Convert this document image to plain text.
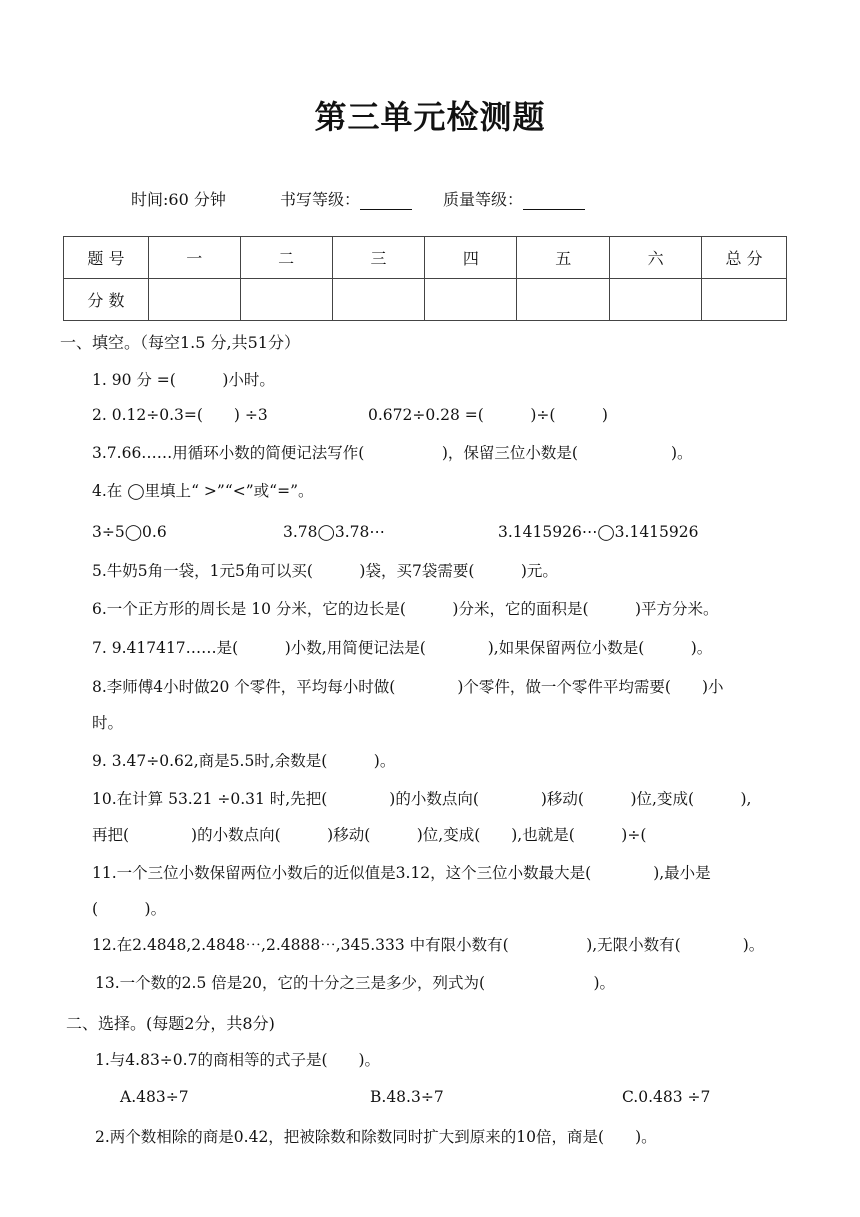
第三单元检测题
时间:60 分钟	书写等级：	质量等级：
题 号	一	二	三	四	五	六	总 分
分 数							
一、填空。（每空1.5 分,共51分）
1. 90 分 =(　　　)小时。
2. 0.12÷0.3=(　　) ÷3	0.672÷0.28 =(　　　)÷(　　　)
3.7.66……用循环小数的简便记法写作(　　　　　)，保留三位小数是(　　　　　　)。
4.在 ◯里填上“ >”“<”或“=”。
3÷5◯0.6	3.78◯3.78⋯	3.1415926⋯◯3.1415926
5.牛奶5角一袋，1元5角可以买(　　　)袋，买7袋需要(　　　)元。
6.一个正方形的周长是 10 分米，它的边长是(　　　)分米，它的面积是(　　　)平方分米。
7. 9.417417……是(　　　)小数,用简便记法是(　　　　),如果保留两位小数是(　　　)。
8.李师傅4小时做20 个零件，平均每小时做(　　　　)个零件，做一个零件平均需要(　　)小
时。
9. 3.47÷0.62,商是5.5时,余数是(　　　)。
10.在计算 53.21 ÷0.31 时,先把(　　　　)的小数点向(　　　　)移动(　　　)位,变成(　　　),
再把(　　　　)的小数点向(　　　)移动(　　　)位,变成(　　),也就是(　　　)÷(
11.一个三位小数保留两位小数后的近似值是3.12，这个三位小数最大是(　　　　),最小是
(　　　)。
12.在2.4848,2.4848⋯,2.4888⋯,345.333 中有限小数有(　　　　　),无限小数有(　　　　)。
13.一个数的2.5 倍是20，它的十分之三是多少，列式为(　　　　　　　)。
二、选择。(每题2分，共8分)
1.与4.83÷0.7的商相等的式子是(　　)。
A.483÷7	B.48.3÷7	C.0.483 ÷7
2.两个数相除的商是0.42，把被除数和除数同时扩大到原来的10倍，商是(　　)。
